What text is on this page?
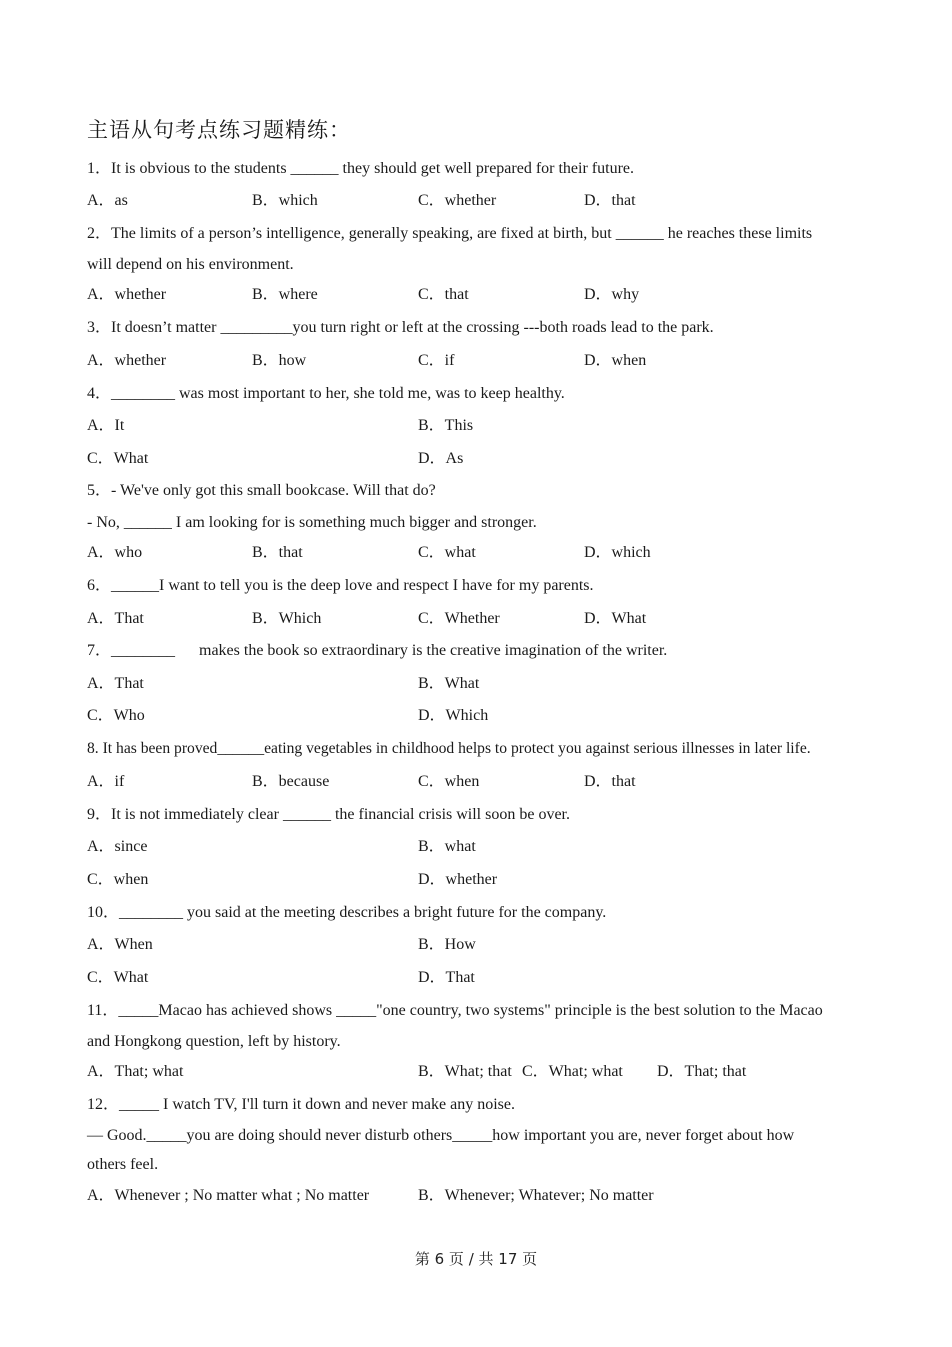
主语从句考点练习题精练：
1．It is obvious to the students ______ they should get well prepared for their future.
A．as	B．which	C．whether	D．that
2．The limits of a person’s intelligence, generally speaking, are fixed at birth, but ______ he reaches these limits
will depend on his environment.
A．whether	B．where	C．that	D．why
3．It doesn’t matter _________you turn right or left at the crossing ---both roads lead to the park.
A．whether	B．how	C．if	D．when
4．________ was most important to her, she told me, was to keep healthy.
A．It	B．This
C．What	D．As
5．- We've only got this small bookcase. Will that do?
- No, ______ I am looking for is something much bigger and stronger.
A．who	B．that	C．what	D．which
6．______I want to tell you is the deep love and respect I have for my parents.
A．That	B．Which	C．Whether	D．What
7．________      makes the book so extraordinary is the creative imagination of the writer.
A．That	B．What
C．Who	D．Which
8. It has been proved______eating vegetables in childhood helps to protect you against serious illnesses in later life.
A．if	B．because	C．when	D．that
9．It is not immediately clear ______ the financial crisis will soon be over.
A．since	B．what
C．when	D．whether
10．________ you said at the meeting describes a bright future for the company.
A．When	B．How
C．What	D．That
11．_____Macao has achieved shows _____"one country, two systems" principle is the best solution to the Macao
and Hongkong question, left by history.
A．That; what	B．What; that C．What; what D．That; that
12．_____ I watch TV, I'll turn it down and never make any noise.
— Good._____you are doing should never disturb others_____how important you are, never forget about how
others feel.
A．Whenever ; No matter what ; No matter	B．Whenever; Whatever; No matter
第 6 页 / 共 17 页
